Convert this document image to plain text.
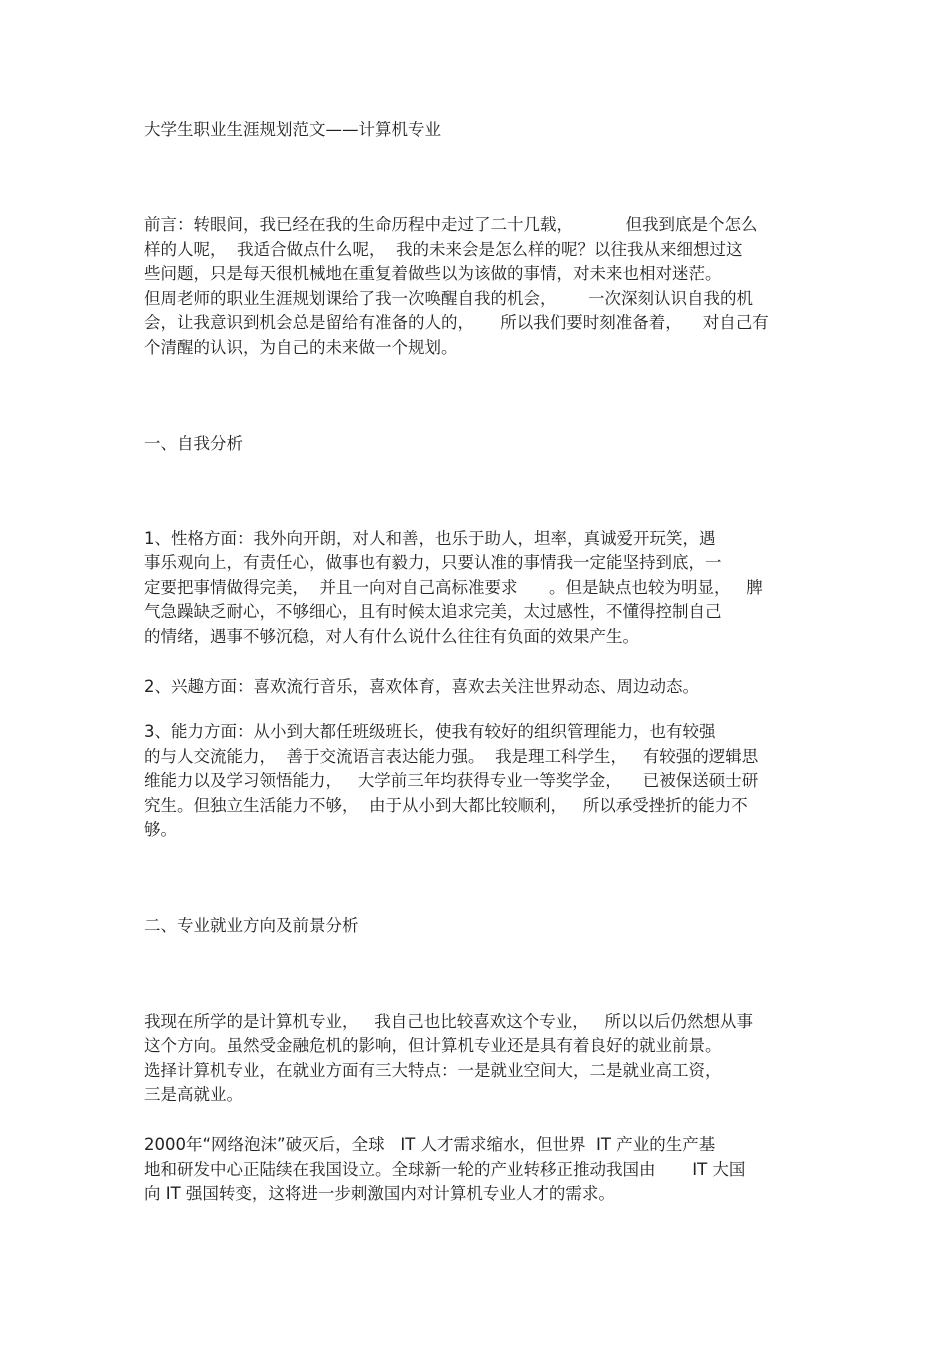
大学生职业生涯规划范文——计算机专业
前言：转眼间，我已经在我的生命历程中走过了二十几载，          但我到底是个怎么
样的人呢，  我适合做点什么呢，  我的未来会是怎么样的呢？以往我从来细想过这
些问题，只是每天很机械地在重复着做些以为该做的事情，对未来也相对迷茫。
但周老师的职业生涯规划课给了我一次唤醒自我的机会，      一次深刻认识自我的机
会，让我意识到机会总是留给有准备的人的，     所以我们要时刻准备着，    对自己有
个清醒的认识，为自己的未来做一个规划。
一、自我分析
1、性格方面：我外向开朗，对人和善，也乐于助人，坦率，真诚爱开玩笑，遇
事乐观向上，有责任心，做事也有毅力，只要认准的事情我一定能坚持到底，一
定要把事情做得完美，  并且一向对自己高标准要求      。但是缺点也较为明显，   脾
气急躁缺乏耐心，不够细心，且有时候太追求完美，太过感性，不懂得控制自己
的情绪，遇事不够沉稳，对人有什么说什么往往有负面的效果产生。
2、兴趣方面：喜欢流行音乐，喜欢体育，喜欢去关注世界动态、周边动态。
3、能力方面：从小到大都任班级班长，使我有较好的组织管理能力，也有较强
的与人交流能力，  善于交流语言表达能力强。  我是理工科学生，   有较强的逻辑思
维能力以及学习领悟能力，   大学前三年均获得专业一等奖学金，    已被保送硕士研
究生。但独立生活能力不够，  由于从小到大都比较顺利，   所以承受挫折的能力不
够。
二、专业就业方向及前景分析
我现在所学的是计算机专业，   我自己也比较喜欢这个专业，   所以以后仍然想从事
这个方向。虽然受金融危机的影响，但计算机专业还是具有着良好的就业前景。
选择计算机专业，在就业方面有三大特点：一是就业空间大，二是就业高工资，
三是高就业。
2000年“网络泡沫”破灭后，全球   IT 人才需求缩水，但世界  IT 产业的生产基
地和研发中心正陆续在我国设立。全球新一轮的产业转移正推动我国由       IT 大国
向 IT 强国转变，这将进一步刺激国内对计算机专业人才的需求。
